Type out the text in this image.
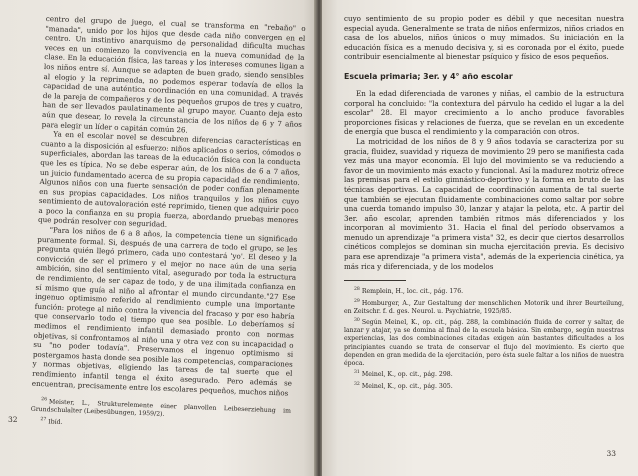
centro del grupo de juego, el cual se transforma en "rebaño" o "manada", unido por los hijos que desde cada niño convergen en el centro. Un instintivo anarquismo de personalidad dificulta muchas veces en un comienzo la convivencia en la nueva comunidad de la clase. En la educación física, las tareas y los intereses comunes ligan a los niños entre sí. Aunque se adapten de buen grado, siendo sensibles al elogio y la reprimenda, no podemos esperar todavía de ellos la capacidad de una auténtica coordinación en una comunidad. A través de la pareja de compañeros y de los pequeños grupos de tres y cuatro, han de ser llevados paulatinamente al grupo mayor. Cuanto deja esto aún que desear, lo revela la circunstancia de los niños de 6 y 7 años para elegir un líder o capitán común 26.

Ya en el escolar novel se descubren diferencias características en cuanto a la disposición al esfuerzo: niños aplicados o serios, cómodos o superficiales, abordan las tareas de la educación física con la conducta que les es típica. No se debe esperar aún, de los niños de 6 a 7 años, un juicio fundamentado acerca de su propia capacidad de rendimiento. Algunos niños con una fuerte sensación de poder confían plenamente en sus propias capacidades. Los niños tranquilos y los niños cuyo sentimiento de autovaloración esté reprimido, tienen que adquirir poco a poco la confianza en su propia fuerza, abordando pruebas menores que podrán resolver con seguridad.

"Para los niños de 6 a 8 años, la competencia tiene un significado puramente formal. Si, después de una carrera de todo el grupo, se les pregunta quién llegó primero, cada uno contestará 'yo'. El deseo y la convicción de ser el primero y el mejor no nace aún de una seria ambición, sino del sentimiento vital, asegurado por toda la estructura de rendimiento, de ser capaz de todo, y de una ilimitada confianza en sí mismo que guía al niño al afrontar el mundo circundante."27 Ese ingenuo optimismo referido al rendimiento cumple una importante función: protege al niño contra la vivencia del fracaso y por eso habría que conservarlo todo el tiempo que sea posible. Lo deberíamos sí medimos el rendimiento infantil demasiado pronto con normas objetivas, si confrontamos al niño una y otra vez con su incapacidad o su "no poder todavía". Preservamos el ingenuo optimismo si postergamos hasta donde sea posible las competencias, comparaciones y normas objetivas, eligiendo las tareas de tal suerte que el rendimiento infantil tenga el éxito asegurado. Pero además se encuentran, precisamente entre los escolares pequeños, muchos niños

$^{26}$ Meister, L., Strukturelemente einer planvollen Leibeserziehung im Grundschulalter (Leibesübungen, 1959/2).

$^{27}$ Ibíd.

32

cuyo sentimiento de su propio poder es débil y que necesitan nuestra especial ayuda. Generalmente se trata de niños enfermizos, niños criados en casa de los abuelos, niños únicos o muy mimados. Su iniciación en la educación física es a menudo decisiva y, si es coronada por el éxito, puede contribuir esencialmente al bienestar psíquico y físico de esos pequeños.

Escuela primaria; 3er. y 4° año escolar

En la edad diferenciada de varones y niñas, el cambio de la estructura corporal ha concluido: "la contextura del párvulo ha cedido el lugar a la del escolar" 28. El mayor crecimiento a lo ancho produce favorables proporciones físicas y relaciones de fuerza, que se revelan en un excedente de energía que busca el rendimiento y la comparación con otros.

La motricidad de los niños de 8 y 9 años todavía se caracteriza por su gracia, fluidez, suavidad y riqueza de movimiento 29 pero se manifiesta cada vez más una mayor economía. El lujo del movimiento se va reduciendo a favor de un movimiento más exacto y funcional. Así la madurez motriz ofrece las premisas para el estilo gimnástico-deportivo y la forma en bruto de las técnicas deportivas. La capacidad de coordinación aumenta de tal suerte que también se ejecutan fluidamente combinaciones como saltar por sobre una cuerda tomando impulso 30, lanzar y atajar la pelota, etc. A partir del 3er. año escolar, aprenden también ritmos más diferenciados y los incorporan al movimiento 31. Hacia el final del período observamos a menudo un aprendizaje "a primera vista" 32, es decir que ciertos desarrollos cinéticos complejos se dominan sin mucha ejercitación previa. Es decisivo para ese aprendizaje "a primera vista", además de la experiencia cinética, ya más rica y diferenciada, y de los modelos

$^{28}$ Remplein, H., loc. cit., pág. 176.

$^{29}$ Homburger, A., Zur Gestaltung der menschlichen Motorik und ihrer Beurteilung, en Zeitschr. f. d. ges. Neurol. u. Psychiatrie, 1925/85.

$^{30}$ Según Meinel, K., op. cit., pág. 288, la combinación fluida de correr y saltar, de lanzar y atajar, ya se domina al final de la escuela básica. Sin embargo, según nuestras experiencias, las dos combinaciones citadas exigen aún bastantes dificultades a los principiantes cuando se trata de conservar el flujo del movimiento. Es cierto que dependen en gran medida de la ejercitación, pero ésta suele faltar a los niños de nuestra época.

$^{31}$ Meinel, K., op. cit., pág. 298.

$^{32}$ Meinel, K., op. cit., pág. 305.

33
